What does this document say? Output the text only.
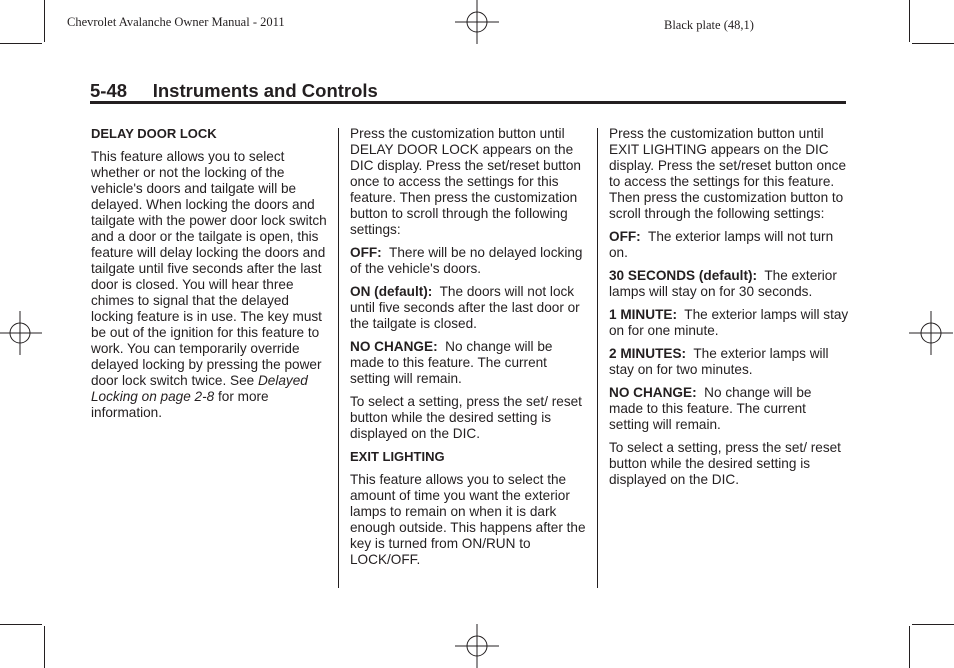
Chevrolet Avalanche Owner Manual - 2011	Black plate (48,1)
5-48 Instruments and Controls
DELAY DOOR LOCK

This feature allows you to select whether or not the locking of the vehicle's doors and tailgate will be delayed. When locking the doors and tailgate with the power door lock switch and a door or the tailgate is open, this feature will delay locking the doors and tailgate until five seconds after the last door is closed. You will hear three chimes to signal that the delayed locking feature is in use. The key must be out of the ignition for this feature to work. You can temporarily override delayed locking by pressing the power door lock switch twice. See Delayed Locking on page 2-8 for more information.

Press the customization button until DELAY DOOR LOCK appears on the DIC display. Press the set/reset button once to access the settings for this feature. Then press the customization button to scroll through the following settings:

OFF: There will be no delayed locking of the vehicle's doors.

ON (default): The doors will not lock until five seconds after the last door or the tailgate is closed.

NO CHANGE: No change will be made to this feature. The current setting will remain.

To select a setting, press the set/ reset button while the desired setting is displayed on the DIC.

EXIT LIGHTING

This feature allows you to select the amount of time you want the exterior lamps to remain on when it is dark enough outside. This happens after the key is turned from ON/RUN to LOCK/OFF.

Press the customization button until EXIT LIGHTING appears on the DIC display. Press the set/reset button once to access the settings for this feature. Then press the customization button to scroll through the following settings:

OFF: The exterior lamps will not turn on.

30 SECONDS (default): The exterior lamps will stay on for 30 seconds.

1 MINUTE: The exterior lamps will stay on for one minute.

2 MINUTES: The exterior lamps will stay on for two minutes.

NO CHANGE: No change will be made to this feature. The current setting will remain.

To select a setting, press the set/ reset button while the desired setting is displayed on the DIC.
